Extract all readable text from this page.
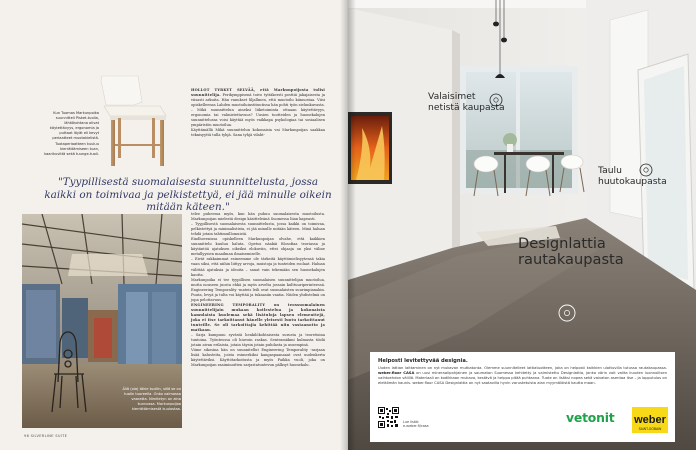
Kun Tuomas Markunpoika suunnitteli Pisket-tuolia, lähtökohtana olivat käytettävyys, ergonomia ja puttaat löyät eli kevyt periaatteet muotokielistä. Tuotaperiaatteen kuuluu kierrättämiseen tuan, kaarikuvittä sekä tuunge-tuoli.

HOLLOT TYRKYT SELVÄÄ, että Markunpoijosta tulisi suunnittelija. Perikymppisenä toivo tyttäkersti posttiä jakajaisesta ja viisasti arkuita. Hän vanukset liljallmen, että muotoilu kiinnostaa. Viisi opiskelleensa Lahden muotoiluinstituutissa hän pohti työn sielunkuvasta.

– Mikä suunnittelun aineksi liiketoiminta ottaaan käytettävyys, ergonomia tai valmistettavuus? Uusien tuotteiden ja huonekalujen suunnittelussa voisi käyttää myös vaikkapa psykologiaa tai sosiaalisen ympäristön muotoilua.

Käyttämällä Mikä suunnittelun kokonaisia vai Markunpoijan saakkaa teknisyyttä tulla tyhjä. Sana tyhjä vilaht-

"Tyypillisestä suomalaisesta suunnittelusta, jossa kaikki on toimivaa ja pelkistettyä, ei jää minulle oikein mitään käteen."
Ällä (ola) täkie tuoliin, sillä se on tuolin tuoreella. Onko vaimossa vaaratta. Nimitetyn on aina kunnossa. Markunpoijaa kierrättämisestä kuulostaa.

telee puheessa myös, kun hän puhuu suomalaisesta muotoilusta. Markunpoijan mielestä design käsitteleänä Suomessa liian kapeasti.

– Tyypillisestä suomalaisesta suunnittelusta, jossa kaikki on toimivaa, pelkistettyä ja minimalistista, ei jää minulle mitään käteen. Minä haluan tehdä jotain tahtimuillomuistä.

Eindhovenissa opiskelleen Markunpoijan olvahe, että kaikkien suunnittelu kuuluu haluta. Opetus näakäi filosofiaa teoriassa ja käytäntöä ajatuksen oikeiksi elokuviin, ettei ohjaaja on yksi väline metallyysien maailman ilmaisemiselle.

– Eivät rakkaimmat esineemme ole tärkeitä käyttömielisyytensä takia vaan siksi, että niihin liittyy arvoja, muistoja ja tunteiden roolaat. Haluan välittää ajatuksia ja ideoita – sanat vain tekemään sen huonekalujen kautta.

Markunpoika ei tee tyypillisen suomalaisen suunnittelijan muotoilua, mutta nouseen juosta ehkä ja myös arvelta jossain kulttuuriperinteessä. Engineering Temporality -mateis leili ovat suomalaisten suurimpianakin. Puuta, levyä ja tulta voi käyttää ja tukaasiin vaatia. Niiden yhdistelmä on jopa pelottavuus.

ENGINEERING TEMPORALITY on teossuomalainen suunnittelijain mukaan kotlestelua ja kokonaista kamulaista kuolemaa sekä lisätuloja lapsen elementtejä, joka ei itse tarkoittanut hänelle yleisesti luotu tarkoittanut tunteille. Se oli tarkoittajia kehittää niin vastaanotto ja matkaan.

– Sarja kumpuuu syvästä henkilökohtaisesta surusta ja teoretisina tuntoina. Työnteossa oli hiuvoin raskas. Sentramäkmi kulmasta töidä jotain aivan erilaista, jotain täysin jotain puhdasta ja uusempinä.

Viime sikosina hän on suunnitellut Engineering Temporality -sarjaan lisää kalusteita, joista esimerkiksi kangaspaanaaat ovat uudenkerta käytettäviksi. Käyttötarkoitusta ja myös Paikka vuoli, joka on Markunpoijan raaiminoitten sarjastatuntevun pälksyt huonekalu.

96 SILVERLINE SUITE
Valaisimet
netistä kaupasta
Taulu
huutokaupasta
Designlattia
rautakaupasta
Helposti levitettyvää designia.
Uuden lattian laittaminen on nyt mukavan mutkatonta. Olemme suunnitelleet lattiatuotteen, joka on helposti kaikkien ulottuvilla tutussa rautakaupassa. weber.floor CASA on uusi mineraalipohjainen ja saumaton Suomessa kehitetty ja valmistettu Designlattia, jonka värin voit valita kuuden luonnollisen vaihtoehdon välillä. Materiaali on kodikkaan mukava, kestävä ja helppo pitää puhtaana. Tuote on lisäksi nopea sekä vaivaton asentaa itse – ja lopputulos on elettömän kaunis. weber.floor CASA Designlattia on nyt saatavilla hyvin varustetuista alan myymälöistä kautta maan.
Lue lisää:
e-weber.fi/casa
vetonit weber
SAINT-GOBAIN
